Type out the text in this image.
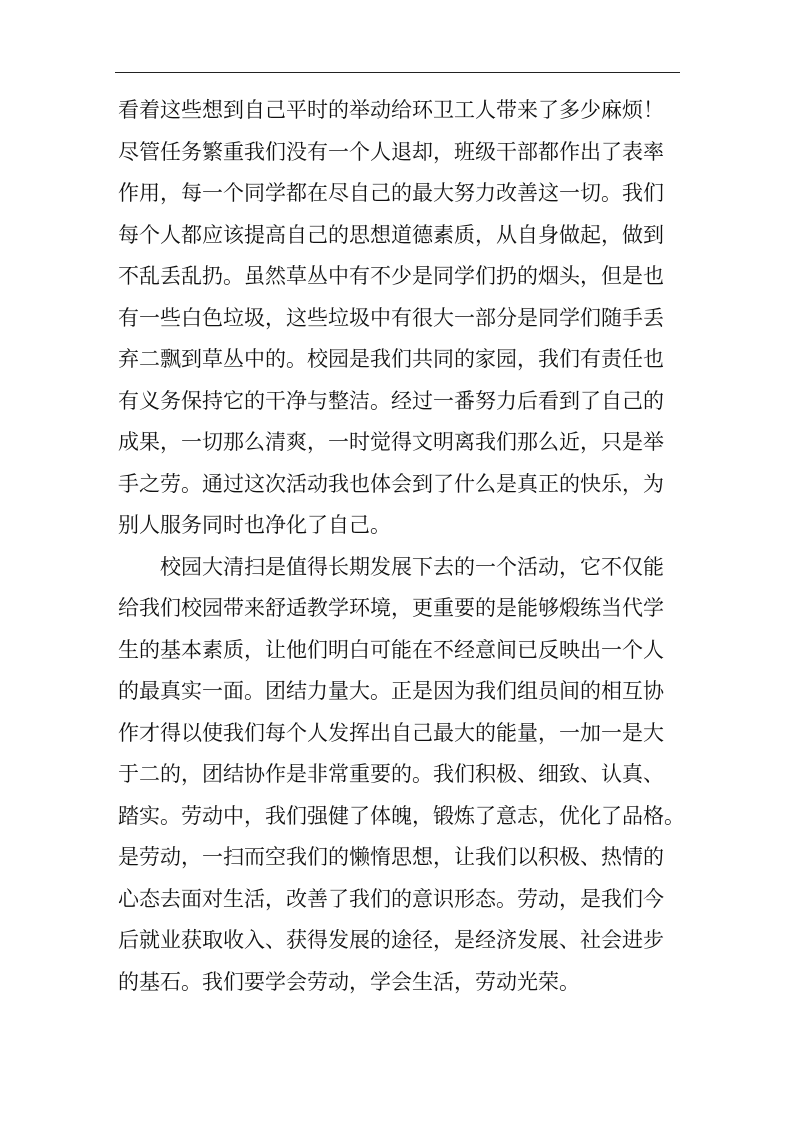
看着这些想到自己平时的举动给环卫工人带来了多少麻烦！
尽管任务繁重我们没有一个人退却，班级干部都作出了表率
作用，每一个同学都在尽自己的最大努力改善这一切。我们
每个人都应该提高自己的思想道德素质，从自身做起，做到
不乱丢乱扔。虽然草丛中有不少是同学们扔的烟头，但是也
有一些白色垃圾，这些垃圾中有很大一部分是同学们随手丢
弃二飘到草丛中的。校园是我们共同的家园，我们有责任也
有义务保持它的干净与整洁。经过一番努力后看到了自己的
成果，一切那么清爽，一时觉得文明离我们那么近，只是举
手之劳。通过这次活动我也体会到了什么是真正的快乐，为
别人服务同时也净化了自己。
校园大清扫是值得长期发展下去的一个活动，它不仅能
给我们校园带来舒适教学环境，更重要的是能够煅练当代学
生的基本素质，让他们明白可能在不经意间已反映出一个人
的最真实一面。团结力量大。正是因为我们组员间的相互协
作才得以使我们每个人发挥出自己最大的能量，一加一是大
于二的，团结协作是非常重要的。我们积极、细致、认真、
踏实。劳动中，我们强健了体魄，锻炼了意志，优化了品格。
是劳动，一扫而空我们的懒惰思想，让我们以积极、热情的
心态去面对生活，改善了我们的意识形态。劳动，是我们今
后就业获取收入、获得发展的途径，是经济发展、社会进步
的基石。我们要学会劳动，学会生活，劳动光荣。
